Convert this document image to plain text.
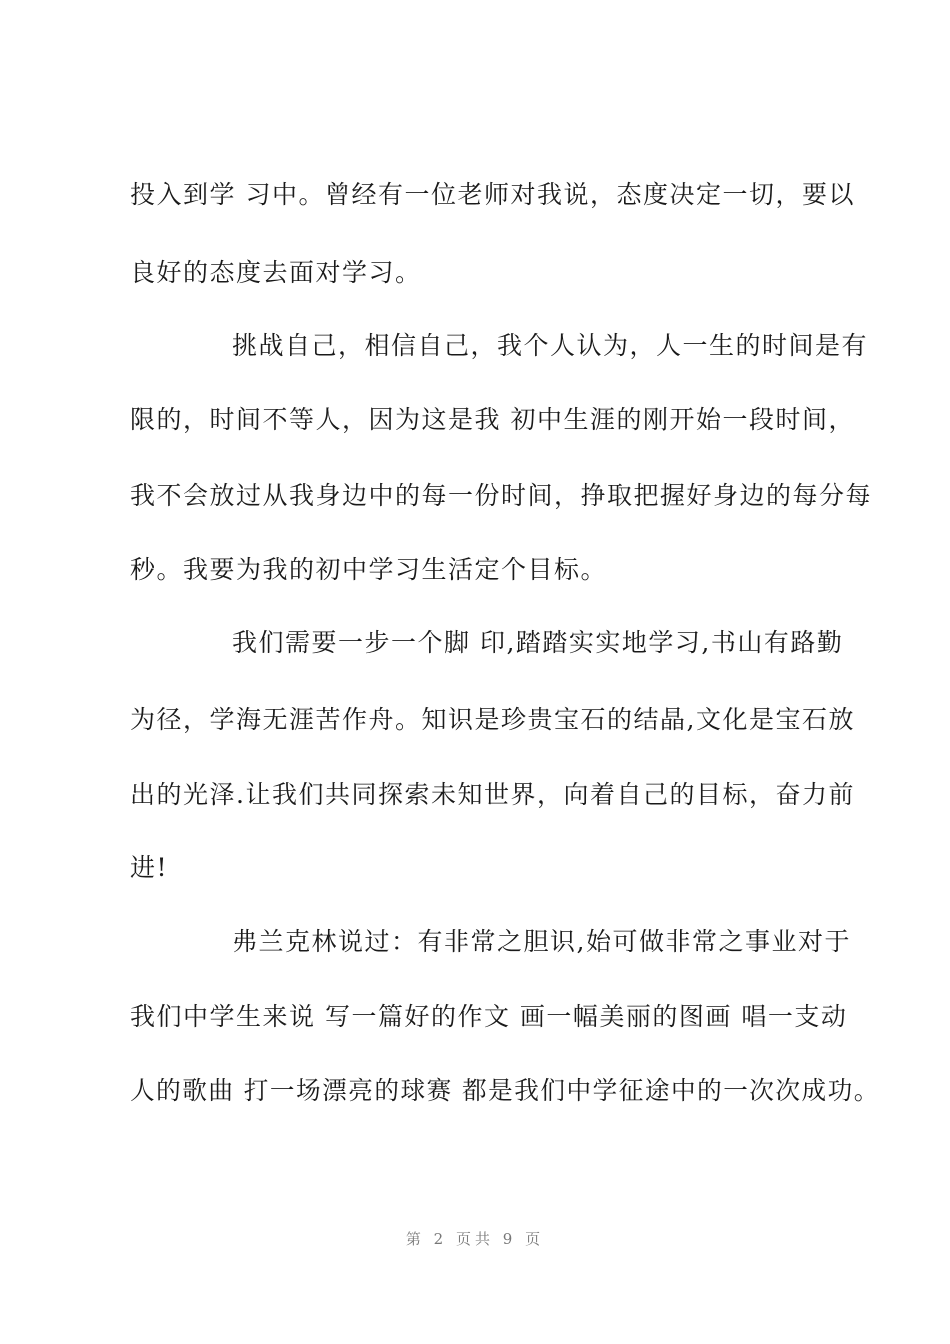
投入到学 习中。曾经有一位老师对我说，态度决定一切，要以
良好的态度去面对学习。
挑战自己，相信自己，我个人认为，人一生的时间是有
限的，时间不等人，因为这是我 初中生涯的刚开始一段时间，
我不会放过从我身边中的每一份时间，挣取把握好身边的每分每
秒。我要为我的初中学习生活定个目标。
我们需要一步一个脚 印,踏踏实实地学习,书山有路勤
为径，学海无涯苦作舟。知识是珍贵宝石的结晶,文化是宝石放
出的光泽.让我们共同探索未知世界，向着自己的目标，奋力前
进!
弗兰克林说过：有非常之胆识,始可做非常之事业对于
我们中学生来说 写一篇好的作文 画一幅美丽的图画 唱一支动
人的歌曲 打一场漂亮的球赛 都是我们中学征途中的一次次成功。
第 2 页共 9 页
